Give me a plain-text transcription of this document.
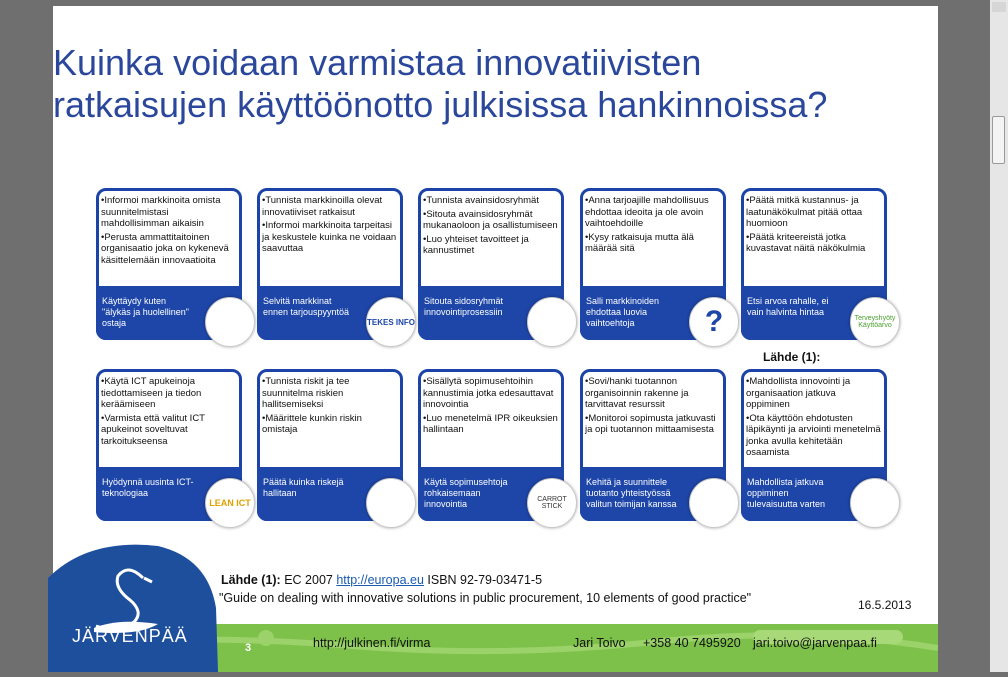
Kuinka voidaan varmistaa innovatiivisten ratkaisujen käyttöönotto julkisissa hankinnoissa?

•Informoi markkinoita omista suunnitelmistasi mahdollisimman aikaisin

•Perusta ammattitaitoinen organisaatio joka on kykenevä käsittelemään innovaatioita

Käyttäydy kuten "älykäs ja huolellinen" ostaja

•Tunnista markkinoilla olevat innovatiiviset ratkaisut

•Informoi markkinoita tarpeitasi ja keskustele kuinka ne voidaan saavuttaa

Selvitä markkinat ennen tarjouspyyntöä
TEKES INFO

•Tunnista avainsidosryhmät

•Sitouta avainsidosryhmät mukanaoloon ja osallistumiseen

•Luo yhteiset tavoitteet ja kannustimet

Sitouta sidosryhmät innovointiprosessiin

•Anna tarjoajille mahdollisuus ehdottaa ideoita ja ole avoin vaihtoehdoille

•Kysy ratkaisuja mutta älä määrää sitä

Salli markkinoiden ehdottaa luovia vaihtoehtoja	?

•Päätä mitkä kustannus- ja laatunäkökulmat pitää ottaa huomioon

•Päätä kriteereistä jotka kuvastavat näitä näkökulmia

Etsi arvoa rahalle, ei vain halvinta hintaa
Terveyshyöty Käyttöarvo

•Käytä ICT apukeinoja tiedottamiseen ja tiedon keräämiseen

•Varmista että valitut ICT apukeinot soveltuvat tarkoitukseensa

Hyödynnä uusinta ICT-teknologiaa
LEAN ICT

•Tunnista riskit ja tee suunnitelma riskien hallitsemiseksi

•Määrittele kunkin riskin omistaja

Päätä kuinka riskejä hallitaan

•Sisällytä sopimusehtoihin kannustimia jotka edesauttavat innovointia

•Luo menetelmä IPR oikeuksien hallintaan

Käytä sopimusehtoja rohkaisemaan innovointia	CARROT STICK

•Sovi/hanki tuotannon organisoinnin rakenne ja tarvittavat resurssit

•Monitoroi sopimusta jatkuvasti ja opi tuotannon mittaamisesta

Kehitä ja suunnittele tuotanto yhteistyössä valitun toimijan kanssa

•Mahdollista innovointi ja organisaation jatkuva oppiminen

•Ota käyttöön ehdotusten läpikäynti ja arviointi menetelmä jonka avulla kehitetään osaamista

Mahdollista jatkuva oppiminen tulevaisuutta varten
Lähde (1):
Lähde (1): EC 2007 http://europa.eu ISBN 92-79-03471-5
"Guide on dealing with innovative solutions in public procurement, 10 elements of good practice"	16.5.2013
http://julkinen.fi/virma	Jari Toivo +358 40 7495920 jari.toivo@jarvenpaa.fi
JÄRVENPÄÄ
3
